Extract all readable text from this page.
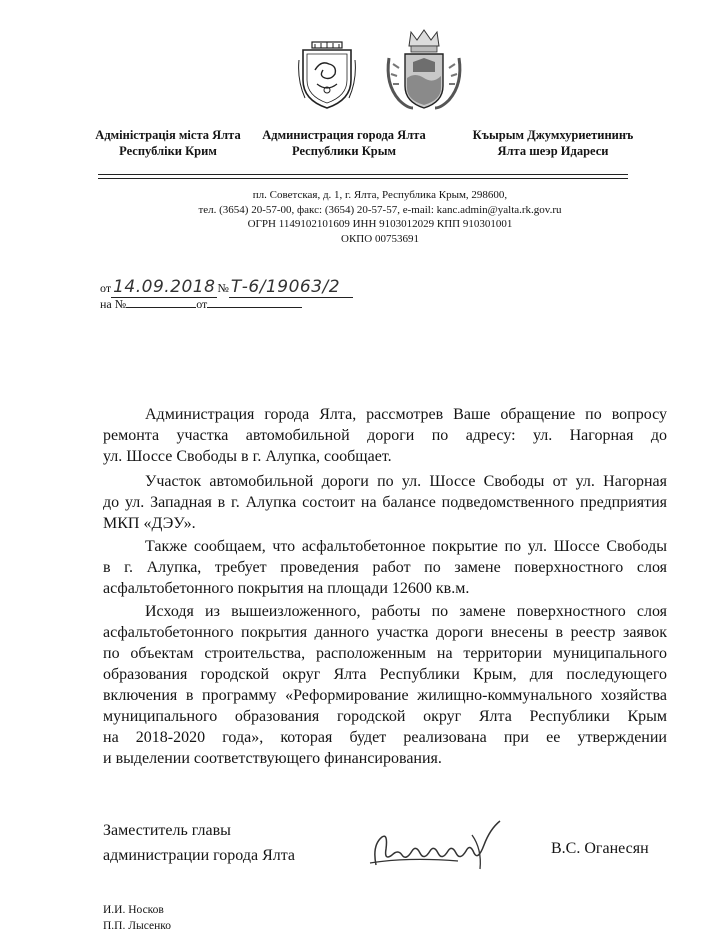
Адміністрація міста Ялта
Республіки Крим
Администрация города Ялта
Республики Крым
Къырым Джумхуриетининъ
Ялта шеэр Идареси
пл. Советская, д. 1, г. Ялта, Республика Крым, 298600,
тел. (3654) 20-57-00, факс: (3654) 20-57-57, e-mail: kanc.admin@yalta.rk.gov.ru
ОГРН 1149102101609 ИНН 9103012029 КПП 910301001
ОКПО 00753691
от 14.09.2018 № Т-6/19063/2
на №	от
Администрация города Ялта, рассмотрев Ваше обращение по вопросу
ремонта участка автомобильной дороги по адресу: ул. Нагорная до
ул. Шоссе Свободы в г. Алупка, сообщает.
Участок автомобильной дороги по ул. Шоссе Свободы от ул. Нагорная
до ул. Западная в г. Алупка состоит на балансе подведомственного предприятия
МКП «ДЭУ».
Также сообщаем, что асфальтобетонное покрытие по ул. Шоссе Свободы
в г. Алупка, требует проведения работ по замене поверхностного слоя
асфальтобетонного покрытия на площади 12600 кв.м.
Исходя из вышеизложенного, работы по замене поверхностного слоя
асфальтобетонного покрытия данного участка дороги внесены в реестр заявок
по объектам строительства, расположенным на территории муниципального
образования городской округ Ялта Республики Крым, для последующего
включения в программу «Реформирование жилищно-коммунального хозяйства
муниципального образования городской округ Ялта Республики Крым
на 2018-2020 года», которая будет реализована при ее утверждении
и выделении соответствующего финансирования.
Заместитель главы
администрации города Ялта	В.С. Оганесян
И.И. Носков
П.П. Лысенко
